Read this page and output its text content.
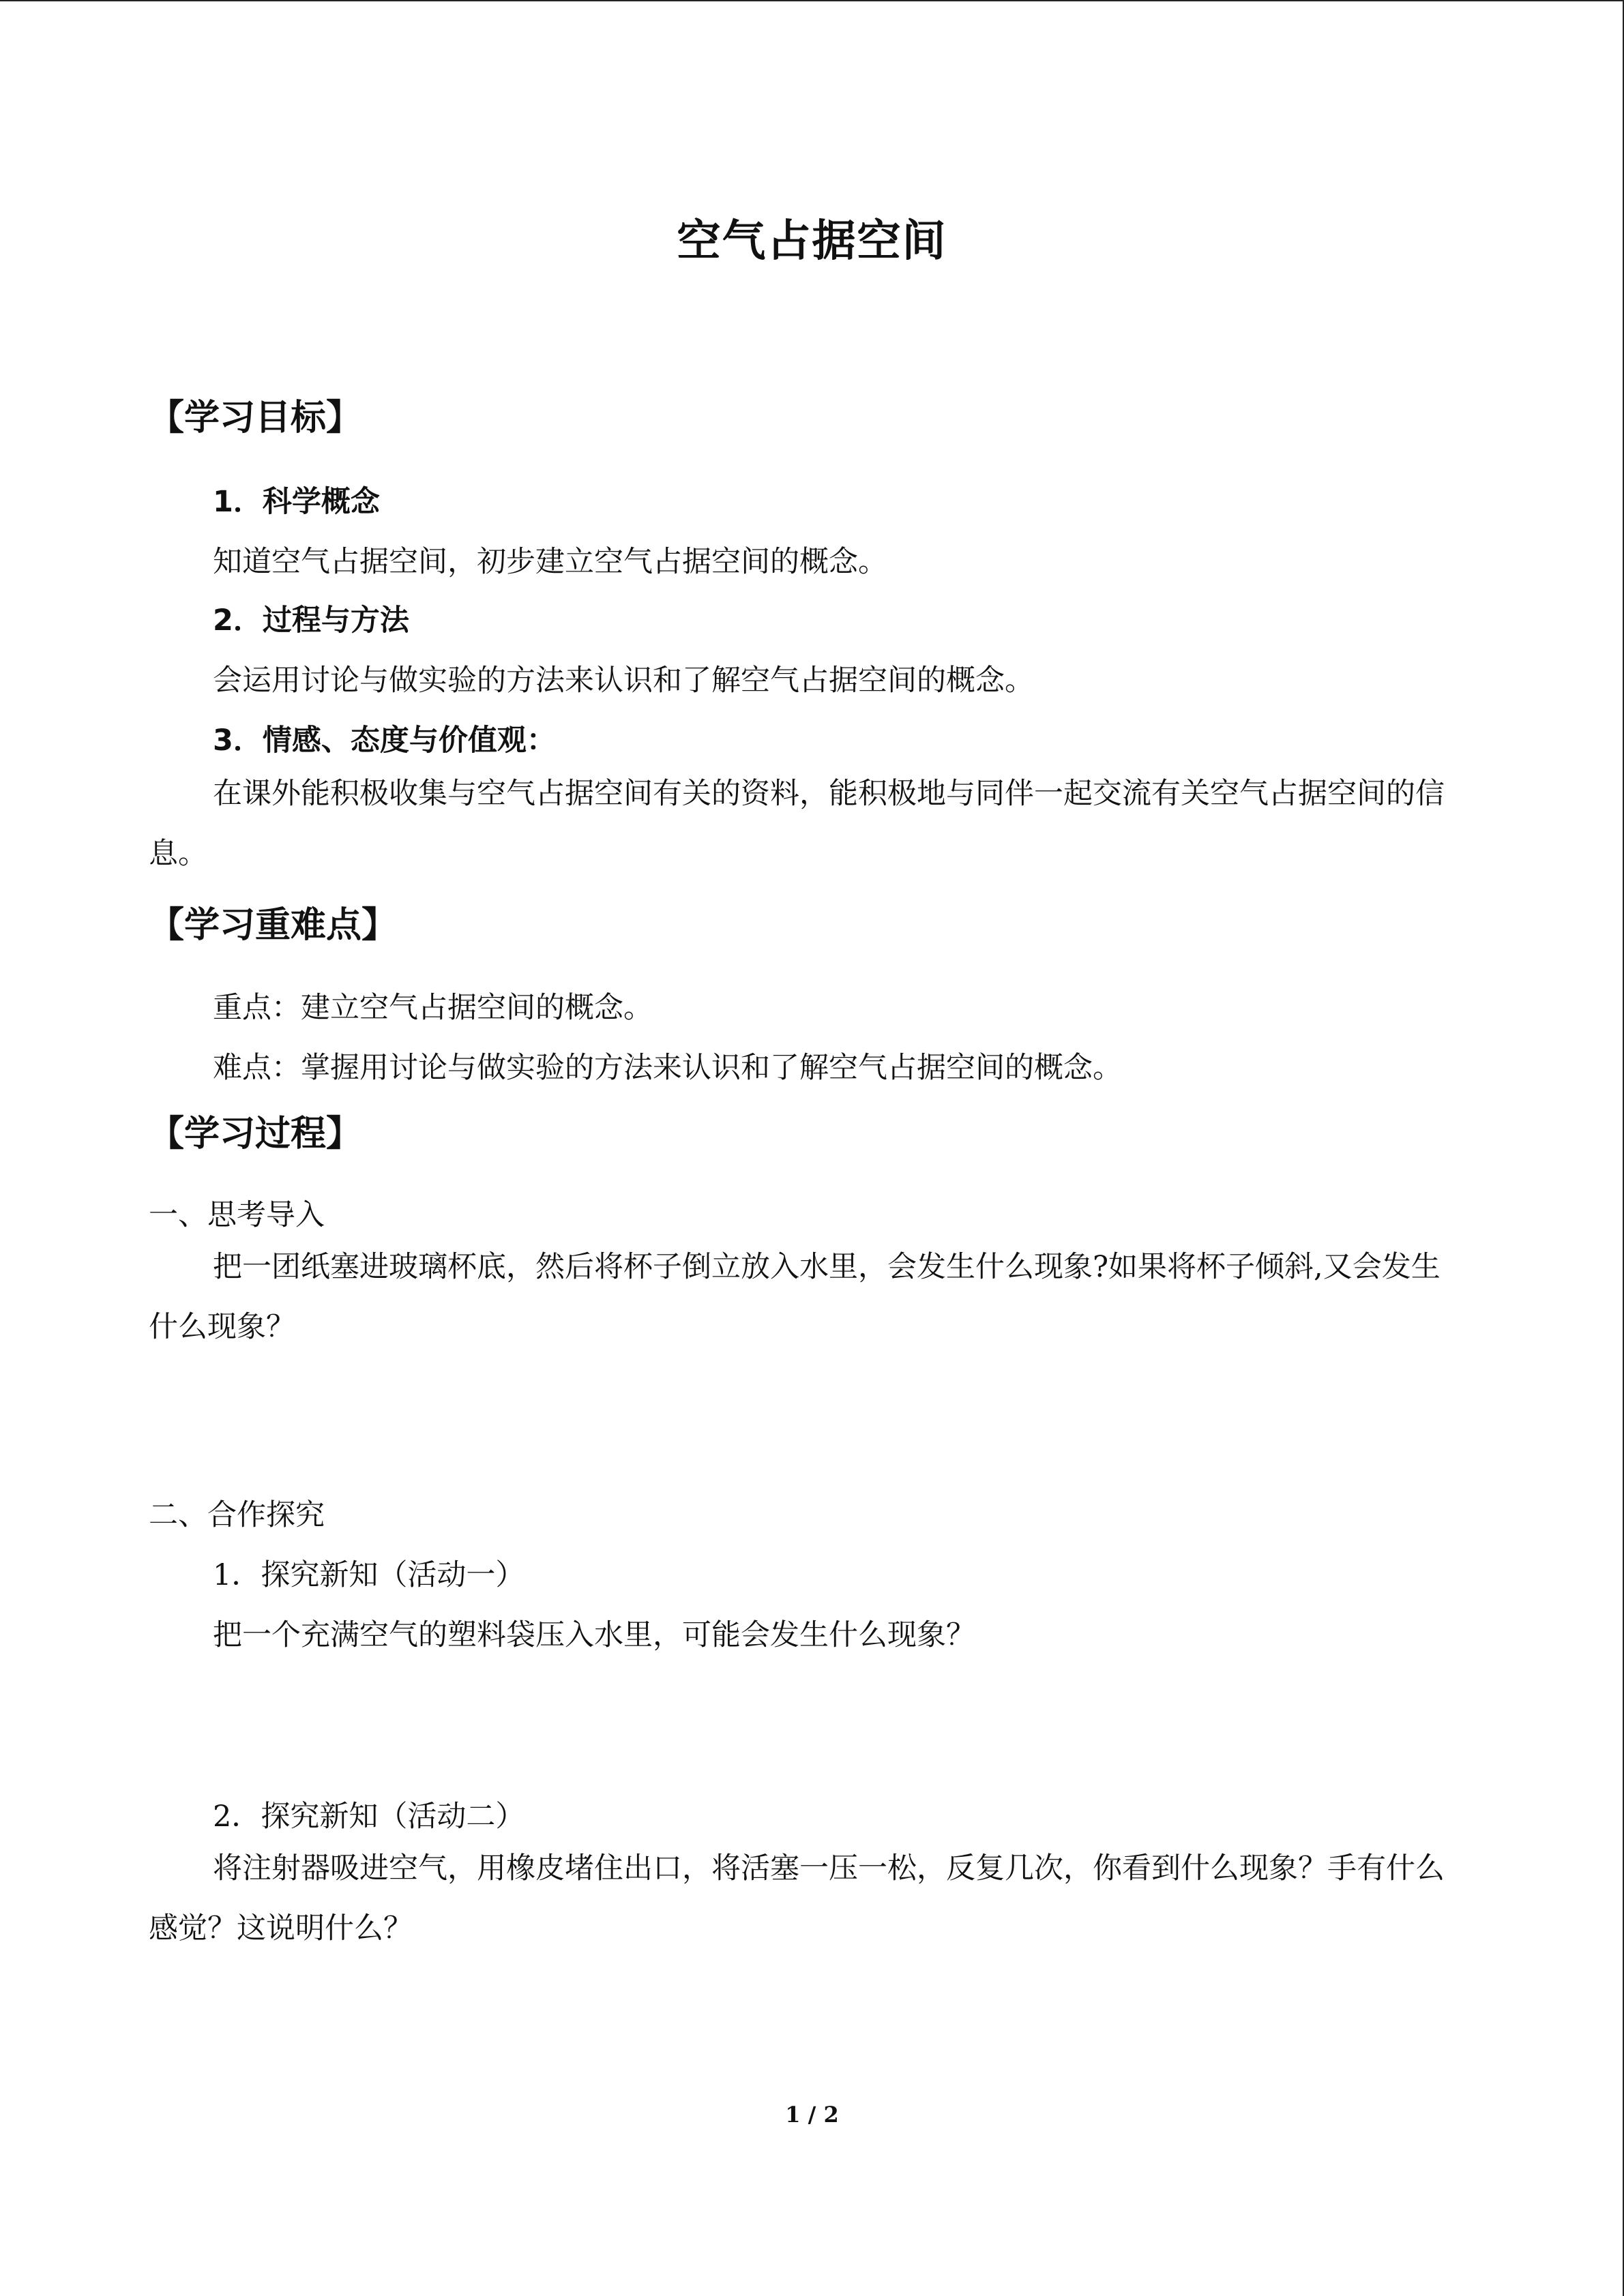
空气占据空间
【学习目标】
1．科学概念
知道空气占据空间，初步建立空气占据空间的概念。
2．过程与方法
会运用讨论与做实验的方法来认识和了解空气占据空间的概念。
3．情感、态度与价值观：
在课外能积极收集与空气占据空间有关的资料，能积极地与同伴一起交流有关空气占据空间的信息。
【学习重难点】
重点：建立空气占据空间的概念。
难点：掌握用讨论与做实验的方法来认识和了解空气占据空间的概念。
【学习过程】
一、思考导入
把一团纸塞进玻璃杯底，然后将杯子倒立放入水里，会发生什么现象?如果将杯子倾斜,又会发生什么现象？
二、合作探究
1．探究新知（活动一）
把一个充满空气的塑料袋压入水里，可能会发生什么现象？
2．探究新知（活动二）
将注射器吸进空气，用橡皮堵住出口，将活塞一压一松，反复几次，你看到什么现象？手有什么感觉？这说明什么？
1 / 2
